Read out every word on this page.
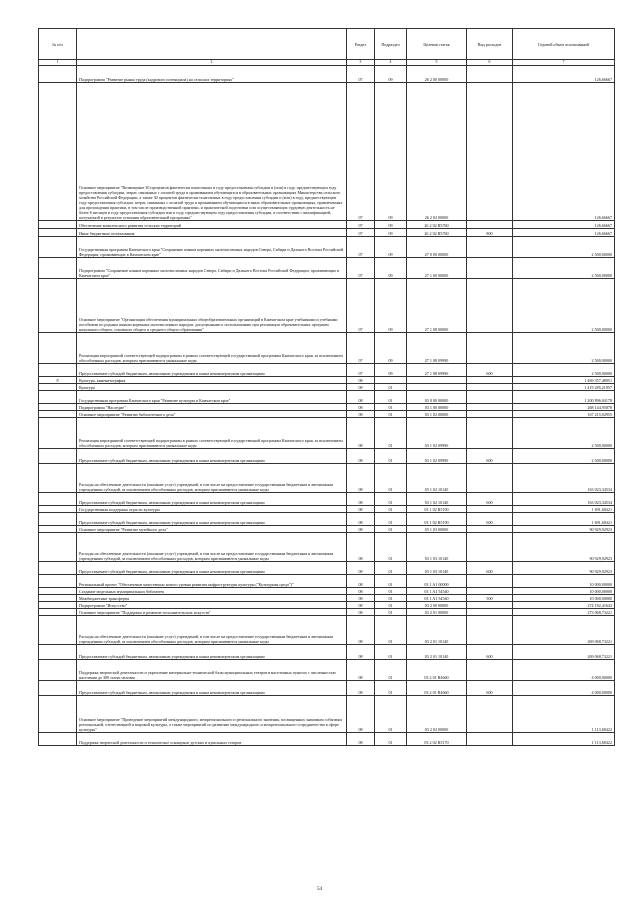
№ п/п		Раздел	Подраздел	Целевая статья	Вид расходов	Годовой объем ассигнований
1	2	3	4	5	6	7
	Подпрограмма "Развитие рынка труда (кадрового потенциала) на сельских территориях"	07	09	26 2 00 00000		126,66667
	Основное мероприятие "Возмещение 30 процентов фактически понесенных в году предоставления субсидии и (или) в году, предшествующем году предоставления субсидии, затрат, связанных с оплатой труда и проживанием обучающихся в образовательных организациях Министерства сельского хозяйства Российской Федерации, а также 30 процентов фактически понесенных в году предоставления субсидии и (или) в году, предшествующем году предоставления субсидии, затрат, связанных с оплатой труда и проживанием обучающихся в иных образовательных организациях, привлеченных для прохождения практики, в том числе производственной практики, и практической подготовки или осуществляющих трудовую деятельность не более 6 месяцев в году предоставления субсидии или в году, предшествующем году предоставления субсидии, в соответствии с квалификацией, получаемой в результате освоения образовательной программы"	07	09	26 2 02 00000		126,66667
	Обеспечение комплексного развития сельских территорий	07	09	26 2 02 R5760		126,66667
	Иные бюджетные ассигнования	07	09	26 2 02 R5760	800	126,66667
	Государственная программа Камчатского края "Сохранение языков коренных малочисленных народов Севера, Сибири и Дальнего Востока Российской Федерации, проживающих в Камчатском крае"	07	09	27 0 00 00000		2 500,00000
	Подпрограмма "Сохранение языков коренных малочисленных народов Севера, Сибири и Дальнего Востока Российской Федерации, проживающих в Камчатском крае"	07	09	27 1 00 00000		2 500,00000
	Основное мероприятие "Организация обеспечения муниципальных общеобразовательных организаций в Камчатском крае учебниками и учебными пособиями по родным языкам коренных малочисленных народов, допущенными к использованию при реализации образовательных программ начального общего, основного общего и среднего общего образования"	07	09	27 1 08 00000		2 500,00000
	Реализация мероприятий соответствующей подпрограммы в рамках соответствующей государственной программы Камчатского края, за исключением обособленных расходов, которым присваиваются уникальные коды	07	09	27 1 08 09990		2 500,00000
	Предоставление субсидий бюджетным, автономным учреждениям и иным некоммерческим организациям	07	09	27 1 08 09990	600	2 500,00000
8	Культура, кинематография	08				1 469 357,48051
	Культура	08	01			1 419 285,21957
	Государственная программа Камчатского края "Развитие культуры в Камчатском крае"	08	01	03 0 00 00000		1 200 896,04178
	Подпрограмма "Наследие"	08	01	03 1 00 00000		268 144,95878
	Основное мероприятие "Развитие библиотечного дела"	08	01	03 1 02 00000		167 215,02955
	Реализация мероприятий соответствующей подпрограммы в рамках соответствующей государственной программы Камчатского края, за исключением обособленных расходов, которым присваиваются уникальные коды	08	01	03 1 02 09990		2 500,00000
	Предоставление субсидий бюджетным, автономным учреждениям и иным некоммерческим организациям	08	01	03 1 02 09990	600	2 500,00000
	Расходы на обеспечение деятельности (оказание услуг) учреждений, в том числе на предоставление государственным бюджетным и автономным учреждениям субсидий, за исключением обособленных расходов, которым присваиваются уникальные коды	08	01	03 1 02 10140		163 023,34534
	Предоставление субсидий бюджетным, автономным учреждениям и иным некоммерческим организациям	08	01	03 1 02 10140	600	163 023,34534
	Государственная поддержка отрасли культуры	08	01	03 1 02 R5190		1 691,68421
	Предоставление субсидий бюджетным, автономным учреждениям и иным некоммерческим организациям	08	01	03 1 02 R5190	600	1 691,68421
	Основное мероприятие "Развитие музейного дела"	08	01	03 1 03 00000		90 929,92923
	Расходы на обеспечение деятельности (оказание услуг) учреждений, в том числе на предоставление государственным бюджетным и автономным учреждениям субсидий, за исключением обособленных расходов, которым присваиваются уникальные коды	08	01	03 1 03 10140		90 929,92923
	Предоставление субсидий бюджетным, автономным учреждениям и иным некоммерческим организациям	08	01	03 1 03 10140	600	90 929,92923
	Региональный проект "Обеспечение качественно нового уровня развития инфраструктуры культуры ("Культурная среда")"	08	01	03 1 A1 00000		10 000,00000
	Создание модельных муниципальных библиотек	08	01	03 1 A1 54540		10 000,00000
	Межбюджетные трансферты	08	01	03 1 A1 54540	500	10 000,00000
	Подпрограмма "Искусство"	08	01	03 2 00 00000		274 182,41643
	Основное мероприятие "Поддержка и развитие исполнительских искусств"	08	01	03 2 01 00000		273 068,73221
	Расходы на обеспечение деятельности (оказание услуг) учреждений, в том числе на предоставление государственным бюджетным и автономным учреждениям субсидий, за исключением обособленных расходов, которым присваиваются уникальные коды	08	01	03 2 01 10140		269 068,73221
	Предоставление субсидий бюджетным, автономным учреждениям и иным некоммерческим организациям	08	01	03 2 01 10140	600	269 068,73221
	Поддержка творческой деятельности и укрепление материально-технической базы муниципальных театров в населенных пунктах с численностью населения до 300 тысяч человек	08	01	03 2 01 R4660		4 000,00000
	Предоставление субсидий бюджетным, автономным учреждениям и иным некоммерческим организациям	08	01	03 2 01 R4660	600	4 000,00000
	Основное мероприятие "Проведение мероприятий международного, межрегионального и регионального значения, посвященных значимым событиям региональной, отечественной и мировой культуры, а также мероприятий по развитию международного и межрегионального сотрудничества в сфере культуры"	08	01	03 2 02 00000		1 113,68422
	Поддержка творческой деятельности и техническое оснащение детских и кукольных театров	08	01	03 2 02 R5170		1 113,68422
54
